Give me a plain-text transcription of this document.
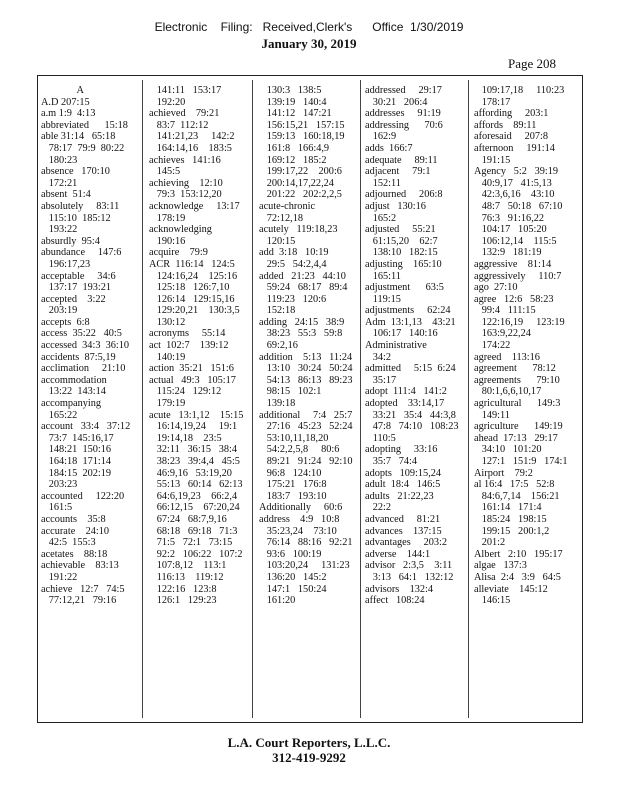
Electronic    Filing:   Received,Clerk's      Office  1/30/2019
January 30, 2019
Page 208
A
A.D 207:15
a.m 1:9  4:13
abbreviated      15:18
able 31:14   65:18
78:17  79:9  80:22
180:23
absence   170:10
172:21
absent  51:4
absolutely     83:11
115:10  185:12
193:22
absurdly  95:4
abundance     147:6
196:17,23
acceptable     34:6
137:17  193:21
accepted    3:22
203:19
accepts  6:8
access  35:22   40:5
accessed  34:3  36:10
accidents  87:5,19
acclimation     21:10
accommodation
13:22  143:14
accompanying
165:22
account   33:4   37:12
73:7  145:16,17
148:21  150:16
164:18  171:14
184:15  202:19
203:23
accounted     122:20
161:5
accounts    35:8
accurate    24:10
42:5  155:3
acetates    88:18
achievable    83:13
191:22
achieve   12:7   74:5
77:12,21   79:16
141:11   153:17
192:20
achieved    79:21
83:7  112:12
141:21,23     142:2
164:14,16    183:5
achieves   141:16
145:5
achieving    12:10
79:3  153:12,20
acknowledge     13:17
178:19
acknowledging
190:16
acquire    79:9
ACR  116:14   124:5
124:16,24    125:16
125:18   126:7,10
126:14   129:15,16
129:20,21    130:3,5
130:12
acronyms     55:14
act  102:7    139:12
140:19
action  35:21   151:6
actual   49:3   105:17
115:24   129:12
179:19
acute   13:1,12    15:15
16:14,19,24     19:1
19:14,18    23:5
32:11   36:15   38:4
38:23   39:4,4   45:5
46:9,16   53:19,20
55:13   60:14   62:13
64:6,19,23    66:2,4
66:12,15    67:20,24
67:24   68:7,9,16
68:18   69:18   71:3
71:5   72:1   73:15
92:2   106:22   107:2
107:8,12    113:1
116:13    119:12
122:16   123:8
126:1   129:23
130:3   138:5
139:19   140:4
141:12   147:21
156:15,21   157:15
159:13   160:18,19
161:8   166:4,9
169:12   185:2
199:17,22    200:6
200:14,17,22,24
201:22   202:2,2,5
acute-chronic
72:12,18
acutely   119:18,23
120:15
add  3:18   10:19
29:5   54:2,4,4
added   21:23   44:10
59:24   68:17   89:4
119:23   120:6
152:18
adding   24:15   38:9
38:23   55:3   59:8
69:2,16
addition    5:13   11:24
13:10   30:24   50:24
54:13   86:13   89:23
98:15   102:1
139:18
additional     7:4   25:7
27:16   45:23   52:24
53:10,11,18,20
54:2,2,5,8     80:6
89:21   91:24   92:10
96:8   124:10
175:21   176:8
183:7   193:10
Additionally     60:6
address    4:9   10:8
35:23,24    73:10
76:14   88:16   92:21
93:6   100:19
103:20,24     131:23
136:20   145:2
147:1   150:24
161:20
addressed     29:17
30:21   206:4
addresses     91:19
addressing      70:6
162:9
adds  166:7
adequate     89:11
adjacent     79:1
152:11
adjourned     206:8
adjust   130:16
165:2
adjusted     55:21
61:15,20    62:7
138:10   182:15
adjusting    165:10
165:11
adjustment      63:5
119:15
adjustments     62:24
Adm  13:1,13    43:21
106:17   140:16
Administrative
34:2
admitted     5:15  6:24
35:17
adopt  111:4   141:2
adopted    33:14,17
33:21   35:4   44:3,8
47:8   74:10   108:23
110:5
adopting     33:16
35:7   74:4
adopts   109:15,24
adult  18:4   146:5
adults   21:22,23
22:2
advanced     81:21
advances    137:15
advantages     203:2
adverse    144:1
advisor   2:3,5    3:11
3:13   64:1   132:12
advisors    132:4
affect   108:24
109:17,18     110:23
178:17
affording     203:1
affords    89:11
aforesaid     207:8
afternoon     191:14
191:15
Agency   5:2   39:19
40:9,17   41:5,13
42:3,6,16    43:10
48:7   50:18   67:10
76:3   91:16,22
104:17   105:20
106:12,14    115:5
132:9   181:19
aggressive    81:14
aggressively     110:7
ago  27:10
agree   12:6   58:23
99:4   111:15
122:16,19     123:19
163:9,22,24
174:22
agreed    113:16
agreement      78:12
agreements      79:10
80:1,6,6,10,17
agricultural      149:3
149:11
agriculture      149:19
ahead  17:13   29:17
34:10   101:20
127:1   151:9   174:1
Airport    79:2
al 16:4   17:5   52:8
84:6,7,14    156:21
161:14   171:4
185:24   198:15
199:15   200:1,2
201:2
Albert   2:10   195:17
algae   137:3
Alisa  2:4   3:9   64:5
alleviate    145:12
146:15
L.A. Court Reporters, L.L.C.
312-419-9292
